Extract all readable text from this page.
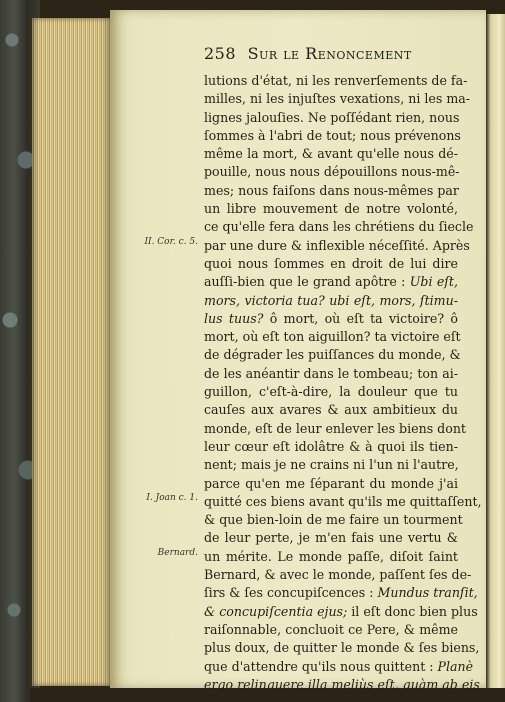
258 Sur le Renoncement
II. Cor. c. 5.
I. Joan c. 1.
Bernard.
lutions d'état, ni les renverſements de fa-
milles, ni les injuſtes vexations, ni les ma-
lignes jalouſies. Ne poſſédant rien, nous
ſommes à l'abri de tout; nous prévenons
même la mort, & avant qu'elle nous dé-
pouille, nous nous dépouillons nous-mê-
mes; nous faiſons dans nous-mêmes par
un libre mouvement de notre volonté,
ce qu'elle fera dans les chrétiens du ſiecle
par une dure & inflexible néceſſité. Après
quoi nous ſommes en droit de lui dire
auſſi-bien que le grand apôtre : Ubi eſt,
mors, victoria tua? ubi eſt, mors, ſtimu-
lus tuus? ô mort, où eſt ta victoire? ô
mort, où eſt ton aiguillon? ta victoire eſt
de dégrader les puiſſances du monde, &
de les anéantir dans le tombeau; ton ai-
guillon, c'eſt-à-dire, la douleur que tu
cauſes aux avares & aux ambitieux du
monde, eſt de leur enlever les biens dont
leur cœur eſt idolâtre & à quoi ils tien-
nent; mais je ne crains ni l'un ni l'autre,
parce qu'en me ſéparant du monde j'ai
quitté ces biens avant qu'ils me quittaſſent,
& que bien-loin de me faire un tourment
de leur perte, je m'en fais une vertu &
un mérite. Le monde paſſe, diſoit ſaint
Bernard, & avec le monde, paſſent ſes de-
ſirs & ſes concupiſcences : Mundus tranſit,
& concupiſcentia ejus; il eſt donc bien plus
raiſonnable, concluoit ce Pere, & même
plus doux, de quitter le monde & ſes biens,
que d'attendre qu'ils nous quittent : Planè
ergo relinquere illa meliùs eſt, quàm ab eis
